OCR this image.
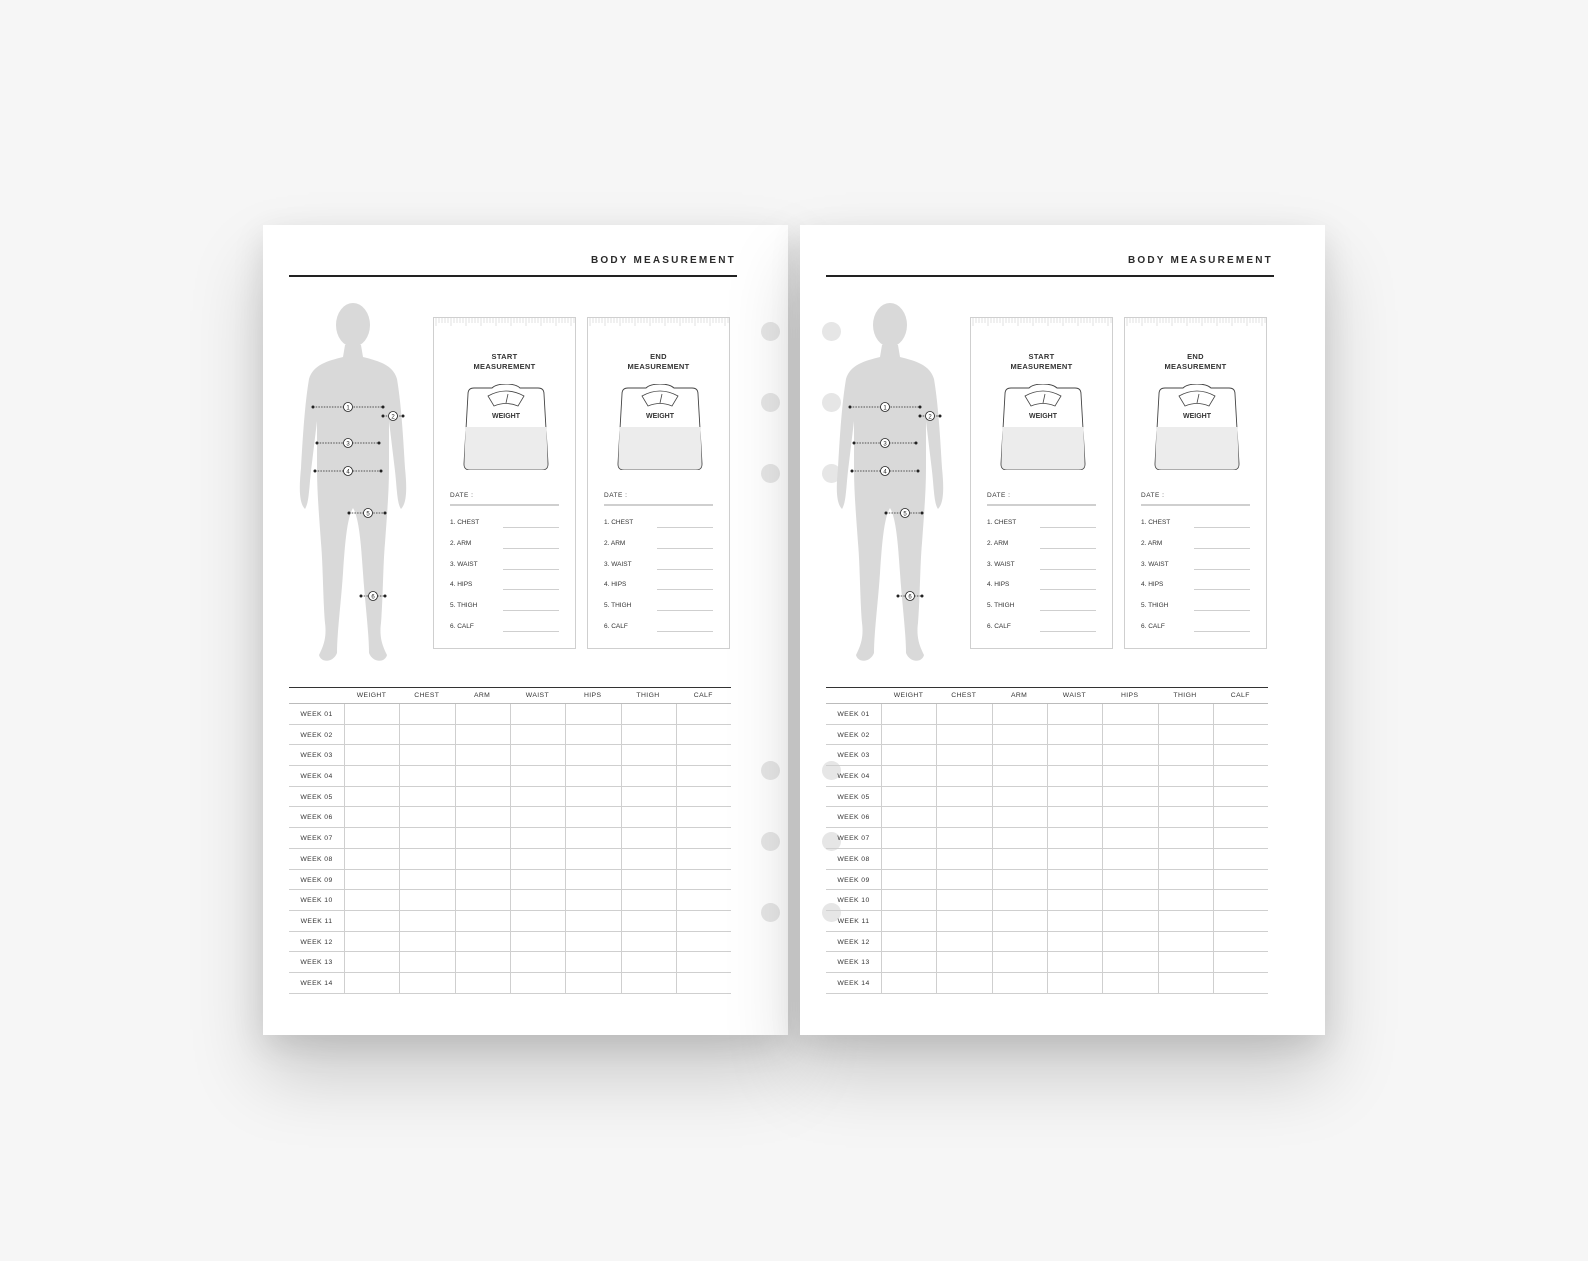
BODY MEASUREMENT
1
2
3
4
5
6
START
MEASUREMENT
WEIGHT
DATE :
1. CHEST
2. ARM
3. WAIST
4. HIPS
5. THIGH
6. CALF
END
MEASUREMENT
WEIGHT
DATE :
1. CHEST
2. ARM
3. WAIST
4. HIPS
5. THIGH
6. CALF
WEIGHT	CHEST	ARM	WAIST	HIPS	THIGH	CALF
WEEK 01
WEEK 02
WEEK 03
WEEK 04
WEEK 05
WEEK 06
WEEK 07
WEEK 08
WEEK 09
WEEK 10
WEEK 11
WEEK 12
WEEK 13
WEEK 14
BODY MEASUREMENT
1
2
3
4
5
6
START
MEASUREMENT
WEIGHT
DATE :
1. CHEST
2. ARM
3. WAIST
4. HIPS
5. THIGH
6. CALF
END
MEASUREMENT
WEIGHT
DATE :
1. CHEST
2. ARM
3. WAIST
4. HIPS
5. THIGH
6. CALF
WEIGHT	CHEST	ARM	WAIST	HIPS	THIGH	CALF
WEEK 01
WEEK 02
WEEK 03
WEEK 04
WEEK 05
WEEK 06
WEEK 07
WEEK 08
WEEK 09
WEEK 10
WEEK 11
WEEK 12
WEEK 13
WEEK 14
